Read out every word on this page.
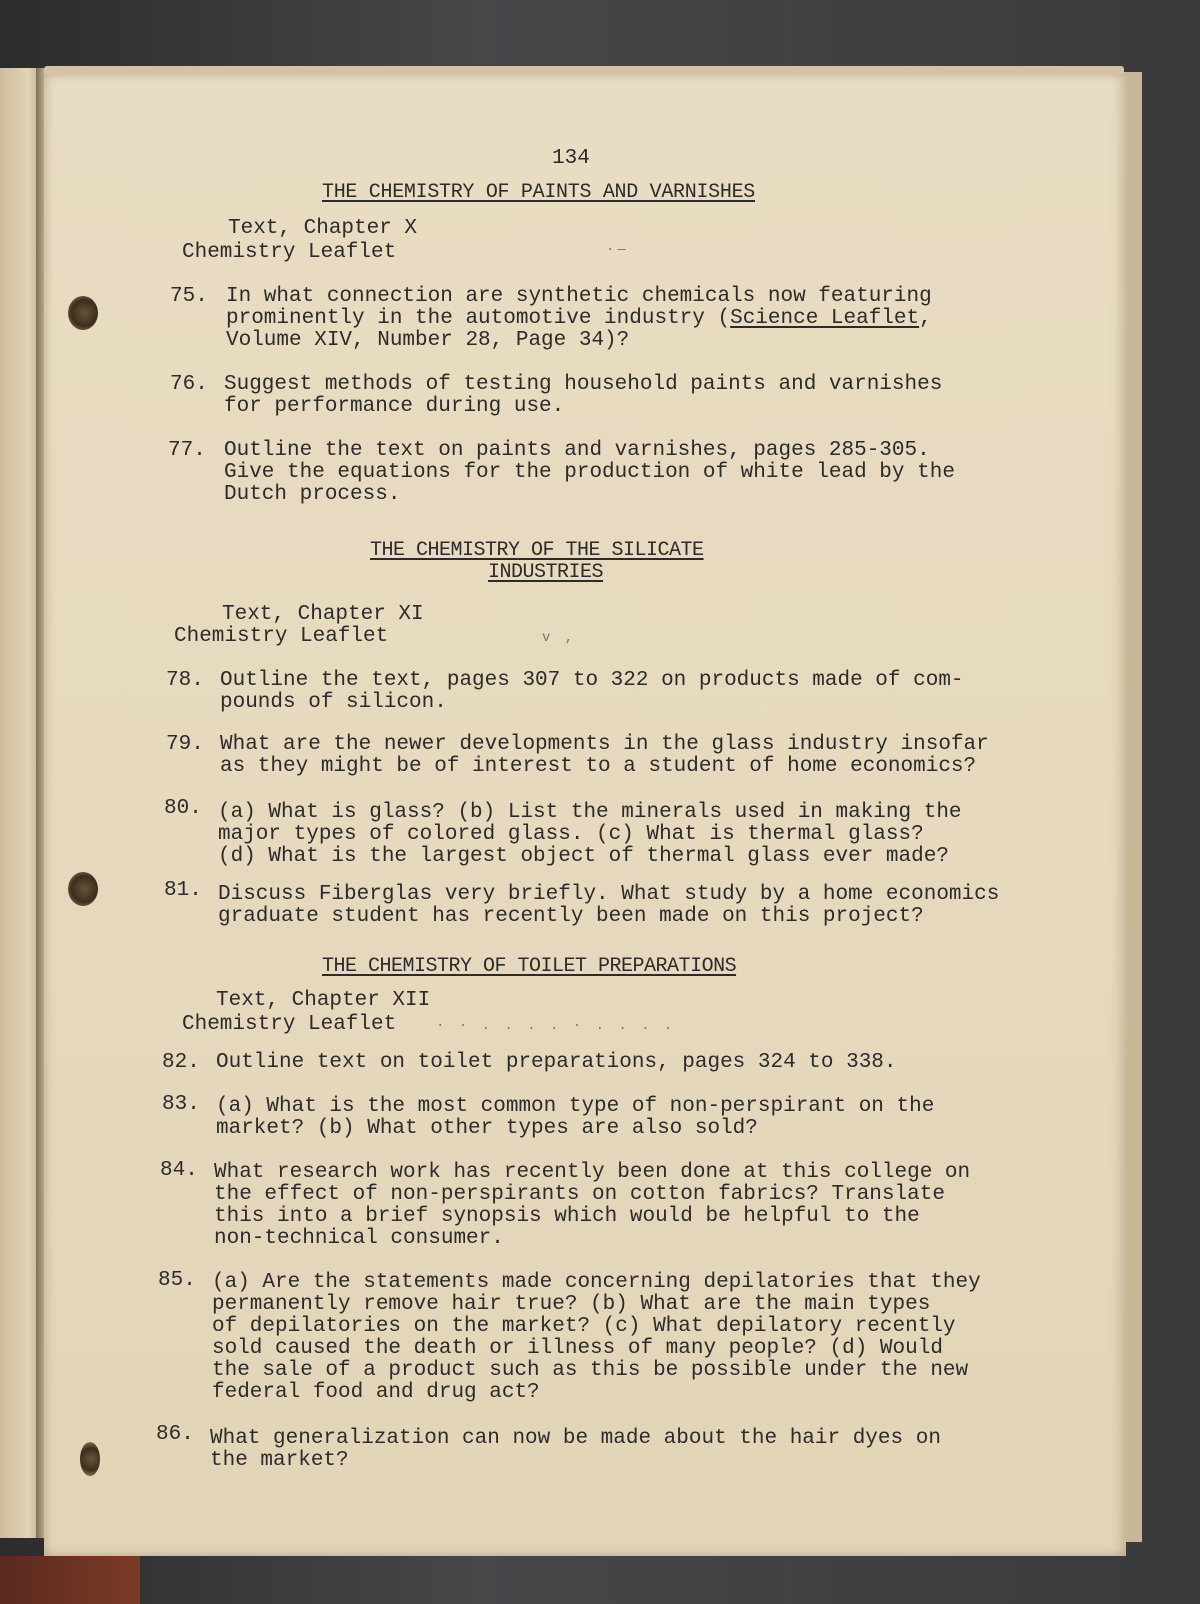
134
THE CHEMISTRY OF PAINTS AND VARNISHES
Text, Chapter X
Chemistry Leaflet	·—
75. In what connection are synthetic chemicals now featuring
prominently in the automotive industry (Science Leaflet,
Volume XIV, Number 28, Page 34)?
76. Suggest methods of testing household paints and varnishes
for performance during use.
77. Outline the text on paints and varnishes, pages 285-305.
Give the equations for the production of white lead by the
Dutch process.
THE CHEMISTRY OF THE SILICATE
INDUSTRIES
Text, Chapter XI
Chemistry Leaflet	v ,
78. Outline the text, pages 307 to 322 on products made of com-
pounds of silicon.
79. What are the newer developments in the glass industry insofar
as they might be of interest to a student of home economics?
80. (a) What is glass? (b) List the minerals used in making the
major types of colored glass. (c) What is thermal glass?
(d) What is the largest object of thermal glass ever made?
81. Discuss Fiberglas very briefly. What study by a home economics
graduate student has recently been made on this project?
THE CHEMISTRY OF TOILET PREPARATIONS
Text, Chapter XII
Chemistry Leaflet	· · . . . . · . . . .
82. Outline text on toilet preparations, pages 324 to 338.
83. (a) What is the most common type of non-perspirant on the
market? (b) What other types are also sold?
84. What research work has recently been done at this college on
the effect of non-perspirants on cotton fabrics? Translate
this into a brief synopsis which would be helpful to the
non-technical consumer.
85. (a) Are the statements made concerning depilatories that they
permanently remove hair true? (b) What are the main types
of depilatories on the market? (c) What depilatory recently
sold caused the death or illness of many people? (d) Would
the sale of a product such as this be possible under the new
federal food and drug act?
86. What generalization can now be made about the hair dyes on
the market?
